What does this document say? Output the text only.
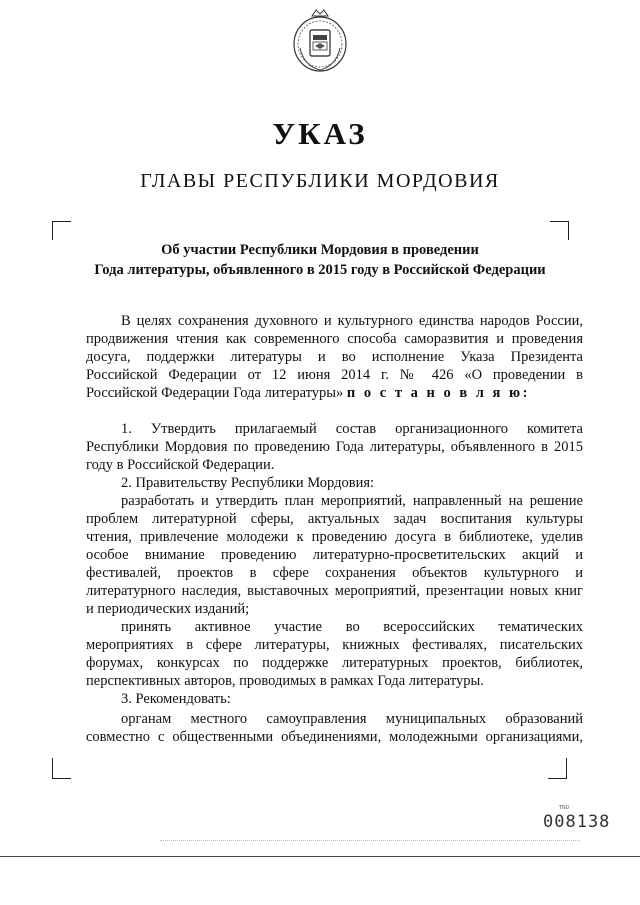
УКАЗ
ГЛАВЫ РЕСПУБЛИКИ МОРДОВИЯ
Об участии Республики Мордовия в проведении
Года литературы, объявленного в 2015 году в Российской Федерации
В целях сохранения духовного и культурного единства народов России,
продвижения чтения как современного способа саморазвития и проведения
досуга, поддержки литературы и во исполнение Указа Президента
Российской Федерации от 12 июня 2014 г. № 426 «О проведении в
Российской Федерации Года литературы» п о с т а н о в л я ю:
1. Утвердить прилагаемый состав организационного комитета
Республики Мордовия по проведению Года литературы, объявленного в 2015
году в Российской Федерации.
2. Правительству Республики Мордовия:
разработать и утвердить план мероприятий, направленный на решение
проблем литературной сферы, актуальных задач воспитания культуры
чтения, привлечение молодежи к проведению досуга в библиотеке, уделив
особое внимание проведению литературно-просветительских акций и
фестивалей, проектов в сфере сохранения объектов культурного и
литературного наследия, выставочных мероприятий, презентации новых книг
и периодических изданий;
принять активное участие во всероссийских тематических
мероприятиях в сфере литературы, книжных фестивалях, писательских
форумах, конкурсах по поддержке литературных проектов, библиотек,
перспективных авторов, проводимых в рамках Года литературы.
3. Рекомендовать:
органам местного самоуправления муниципальных образований
совместно с общественными объединениями, молодежными организациями,
TN0
008138
